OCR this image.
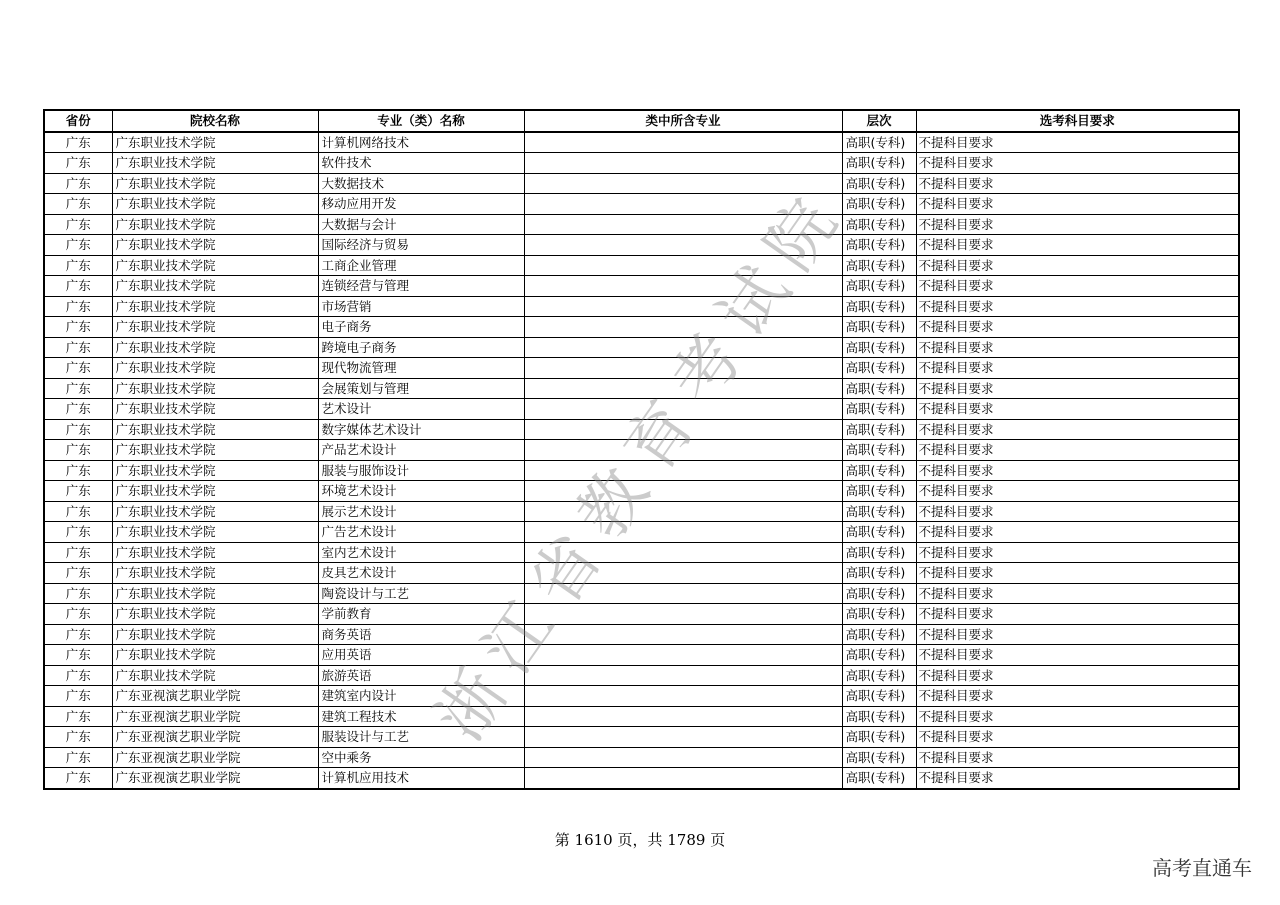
省份	院校名称	专业（类）名称	类中所含专业	层次	选考科目要求
广东	广东职业技术学院	计算机网络技术		高职(专科)	不提科目要求
广东	广东职业技术学院	软件技术		高职(专科)	不提科目要求
广东	广东职业技术学院	大数据技术		高职(专科)	不提科目要求
广东	广东职业技术学院	移动应用开发		高职(专科)	不提科目要求
广东	广东职业技术学院	大数据与会计		高职(专科)	不提科目要求
广东	广东职业技术学院	国际经济与贸易		高职(专科)	不提科目要求
广东	广东职业技术学院	工商企业管理		高职(专科)	不提科目要求
广东	广东职业技术学院	连锁经营与管理		高职(专科)	不提科目要求
广东	广东职业技术学院	市场营销		高职(专科)	不提科目要求
广东	广东职业技术学院	电子商务		高职(专科)	不提科目要求
广东	广东职业技术学院	跨境电子商务		高职(专科)	不提科目要求
广东	广东职业技术学院	现代物流管理		高职(专科)	不提科目要求
广东	广东职业技术学院	会展策划与管理		高职(专科)	不提科目要求
广东	广东职业技术学院	艺术设计		高职(专科)	不提科目要求
广东	广东职业技术学院	数字媒体艺术设计		高职(专科)	不提科目要求
广东	广东职业技术学院	产品艺术设计		高职(专科)	不提科目要求
广东	广东职业技术学院	服装与服饰设计		高职(专科)	不提科目要求
广东	广东职业技术学院	环境艺术设计		高职(专科)	不提科目要求
广东	广东职业技术学院	展示艺术设计		高职(专科)	不提科目要求
广东	广东职业技术学院	广告艺术设计		高职(专科)	不提科目要求
广东	广东职业技术学院	室内艺术设计		高职(专科)	不提科目要求
广东	广东职业技术学院	皮具艺术设计		高职(专科)	不提科目要求
广东	广东职业技术学院	陶瓷设计与工艺		高职(专科)	不提科目要求
广东	广东职业技术学院	学前教育		高职(专科)	不提科目要求
广东	广东职业技术学院	商务英语		高职(专科)	不提科目要求
广东	广东职业技术学院	应用英语		高职(专科)	不提科目要求
广东	广东职业技术学院	旅游英语		高职(专科)	不提科目要求
广东	广东亚视演艺职业学院	建筑室内设计		高职(专科)	不提科目要求
广东	广东亚视演艺职业学院	建筑工程技术		高职(专科)	不提科目要求
广东	广东亚视演艺职业学院	服装设计与工艺		高职(专科)	不提科目要求
广东	广东亚视演艺职业学院	空中乘务		高职(专科)	不提科目要求
广东	广东亚视演艺职业学院	计算机应用技术		高职(专科)	不提科目要求
浙江省教育考试院
第 1610 页，共 1789 页
高考直通车
